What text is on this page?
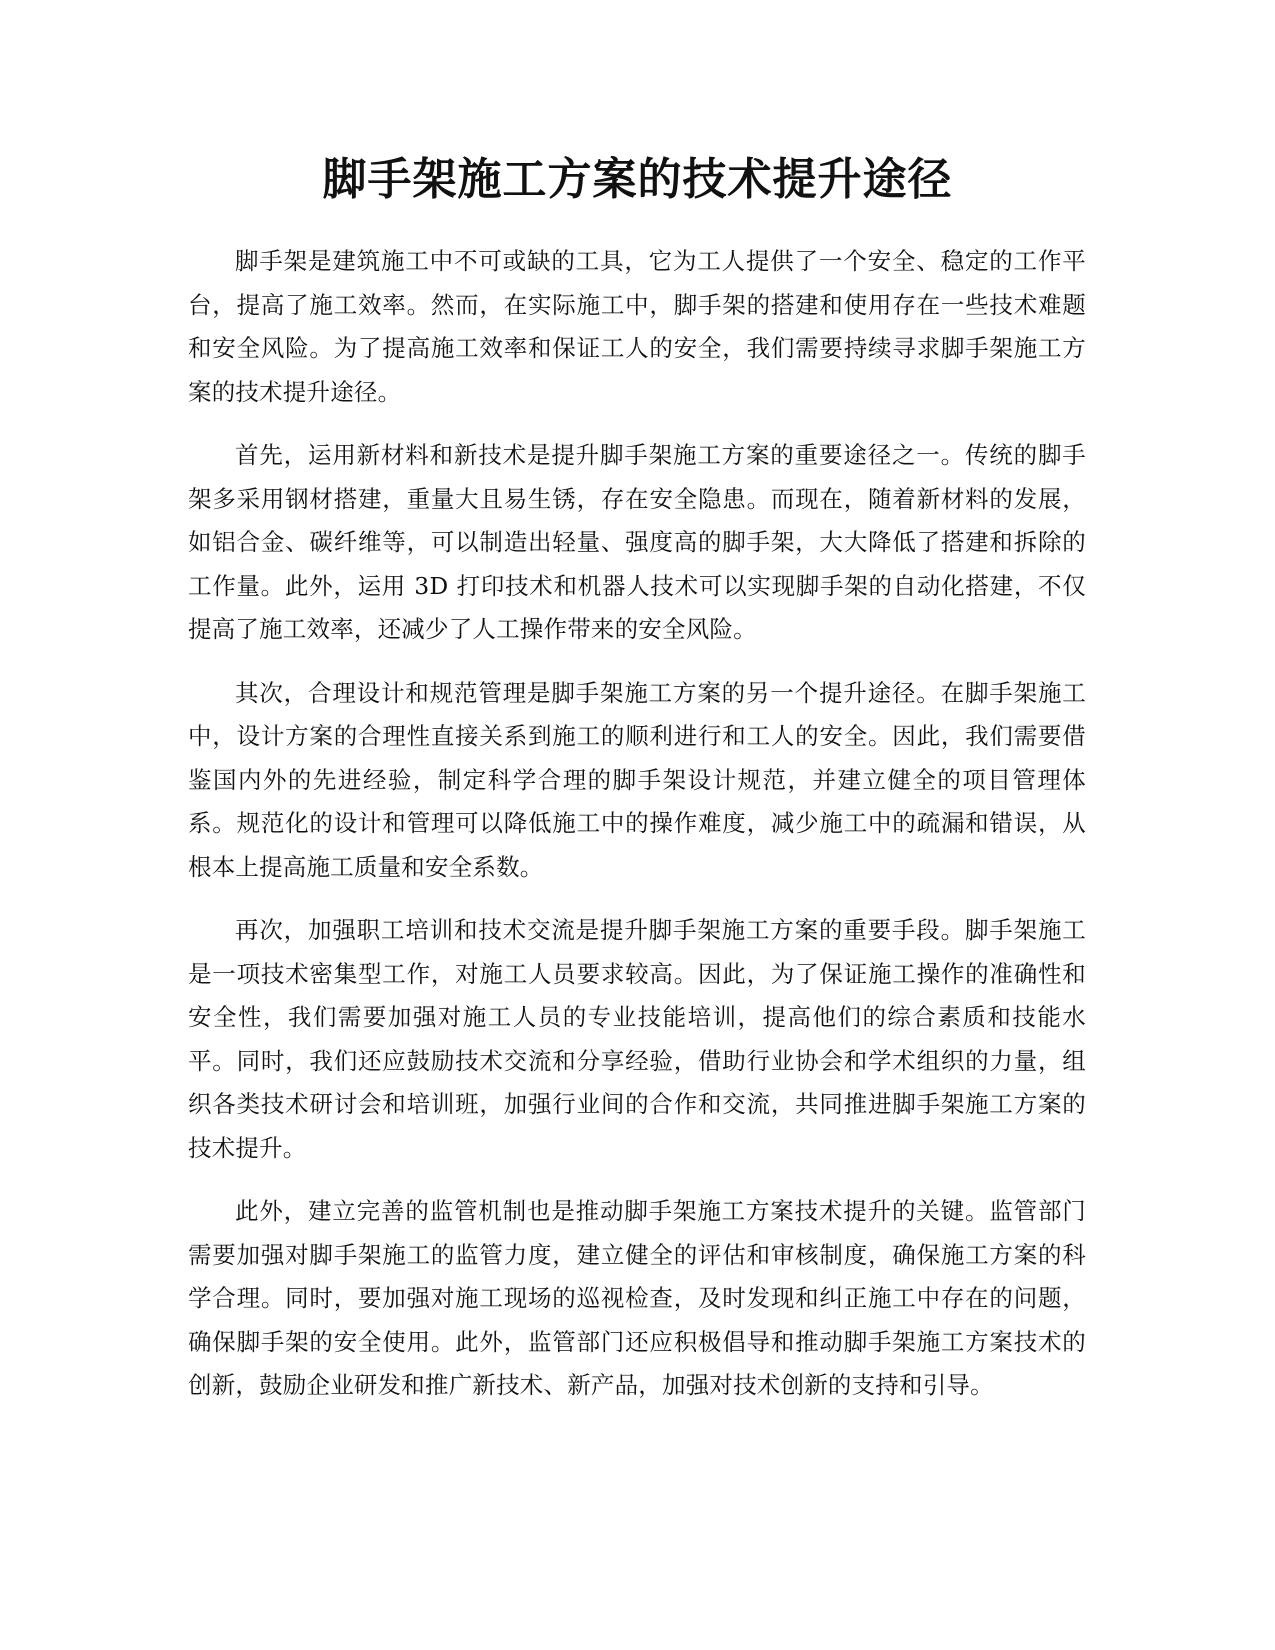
脚手架施工方案的技术提升途径

脚手架是建筑施工中不可或缺的工具，它为工人提供了一个安全、稳定的工作平台，提高了施工效率。然而，在实际施工中，脚手架的搭建和使用存在一些技术难题和安全风险。为了提高施工效率和保证工人的安全，我们需要持续寻求脚手架施工方案的技术提升途径。

首先，运用新材料和新技术是提升脚手架施工方案的重要途径之一。传统的脚手架多采用钢材搭建，重量大且易生锈，存在安全隐患。而现在，随着新材料的发展，如铝合金、碳纤维等，可以制造出轻量、强度高的脚手架，大大降低了搭建和拆除的工作量。此外，运用 3D 打印技术和机器人技术可以实现脚手架的自动化搭建，不仅提高了施工效率，还减少了人工操作带来的安全风险。

其次，合理设计和规范管理是脚手架施工方案的另一个提升途径。在脚手架施工中，设计方案的合理性直接关系到施工的顺利进行和工人的安全。因此，我们需要借鉴国内外的先进经验，制定科学合理的脚手架设计规范，并建立健全的项目管理体系。规范化的设计和管理可以降低施工中的操作难度，减少施工中的疏漏和错误，从根本上提高施工质量和安全系数。

再次，加强职工培训和技术交流是提升脚手架施工方案的重要手段。脚手架施工是一项技术密集型工作，对施工人员要求较高。因此，为了保证施工操作的准确性和安全性，我们需要加强对施工人员的专业技能培训，提高他们的综合素质和技能水平。同时，我们还应鼓励技术交流和分享经验，借助行业协会和学术组织的力量，组织各类技术研讨会和培训班，加强行业间的合作和交流，共同推进脚手架施工方案的技术提升。

此外，建立完善的监管机制也是推动脚手架施工方案技术提升的关键。监管部门需要加强对脚手架施工的监管力度，建立健全的评估和审核制度，确保施工方案的科学合理。同时，要加强对施工现场的巡视检查，及时发现和纠正施工中存在的问题，确保脚手架的安全使用。此外，监管部门还应积极倡导和推动脚手架施工方案技术的创新，鼓励企业研发和推广新技术、新产品，加强对技术创新的支持和引导。
